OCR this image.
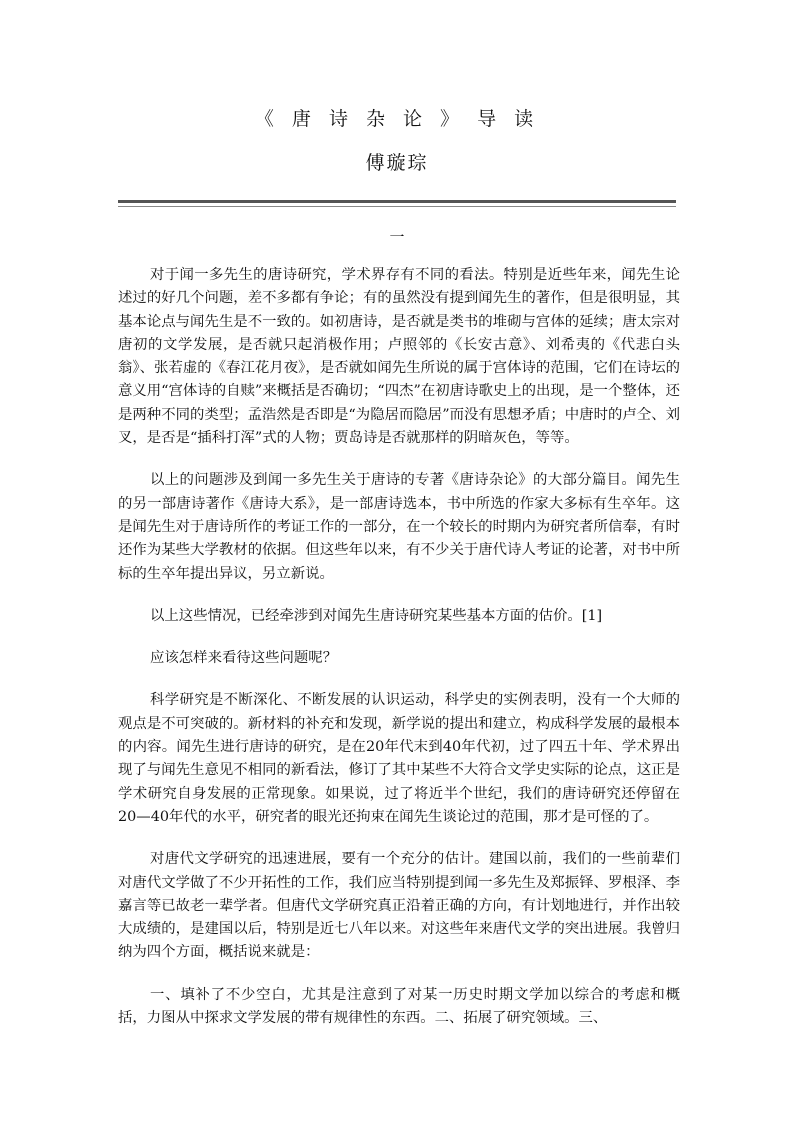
《 唐 诗 杂 论 》 导 读
傅璇琮
一

对于闻一多先生的唐诗研究，学术界存有不同的看法。特别是近些年来，闻先生论述过的好几个问题，差不多都有争论；有的虽然没有提到闻先生的著作，但是很明显，其基本论点与闻先生是不一致的。如初唐诗，是否就是类书的堆砌与宫体的延续；唐太宗对唐初的文学发展，是否就只起消极作用；卢照邻的《长安古意》、刘希夷的《代悲白头翁》、张若虚的《春江花月夜》，是否就如闻先生所说的属于宫体诗的范围，它们在诗坛的意义用“宫体诗的自赎”来概括是否确切；“四杰”在初唐诗歌史上的出现，是一个整体，还是两种不同的类型；孟浩然是否即是“为隐居而隐居”而没有思想矛盾；中唐时的卢仝、刘叉，是否是“插科打浑”式的人物；贾岛诗是否就那样的阴暗灰色，等等。

以上的问题涉及到闻一多先生关于唐诗的专著《唐诗杂论》的大部分篇目。闻先生的另一部唐诗著作《唐诗大系》，是一部唐诗选本，书中所选的作家大多标有生卒年。这是闻先生对于唐诗所作的考证工作的一部分，在一个较长的时期内为研究者所信奉，有时还作为某些大学教材的依据。但这些年以来，有不少关于唐代诗人考证的论著，对书中所标的生卒年提出异议，另立新说。

以上这些情况，已经牵涉到对闻先生唐诗研究某些基本方面的估价。[1]

应该怎样来看待这些问题呢？

科学研究是不断深化、不断发展的认识运动，科学史的实例表明，没有一个大师的观点是不可突破的。新材料的补充和发现，新学说的提出和建立，构成科学发展的最根本的内容。闻先生进行唐诗的研究，是在20年代末到40年代初，过了四五十年、学术界出现了与闻先生意见不相同的新看法，修订了其中某些不大符合文学史实际的论点，这正是学术研究自身发展的正常现象。如果说，过了将近半个世纪，我们的唐诗研究还停留在20—40年代的水平，研究者的眼光还拘束在闻先生谈论过的范围，那才是可怪的了。

对唐代文学研究的迅速进展，要有一个充分的估计。建国以前，我们的一些前辈们对唐代文学做了不少开拓性的工作，我们应当特别提到闻一多先生及郑振铎、罗根泽、李嘉言等已故老一辈学者。但唐代文学研究真正沿着正确的方向，有计划地进行，并作出较大成绩的，是建国以后，特别是近七八年以来。对这些年来唐代文学的突出进展。我曾归纳为四个方面，概括说来就是：

一、填补了不少空白，尤其是注意到了对某一历史时期文学加以综合的考虑和概括，力图从中探求文学发展的带有规律性的东西。二、拓展了研究领域。三、
